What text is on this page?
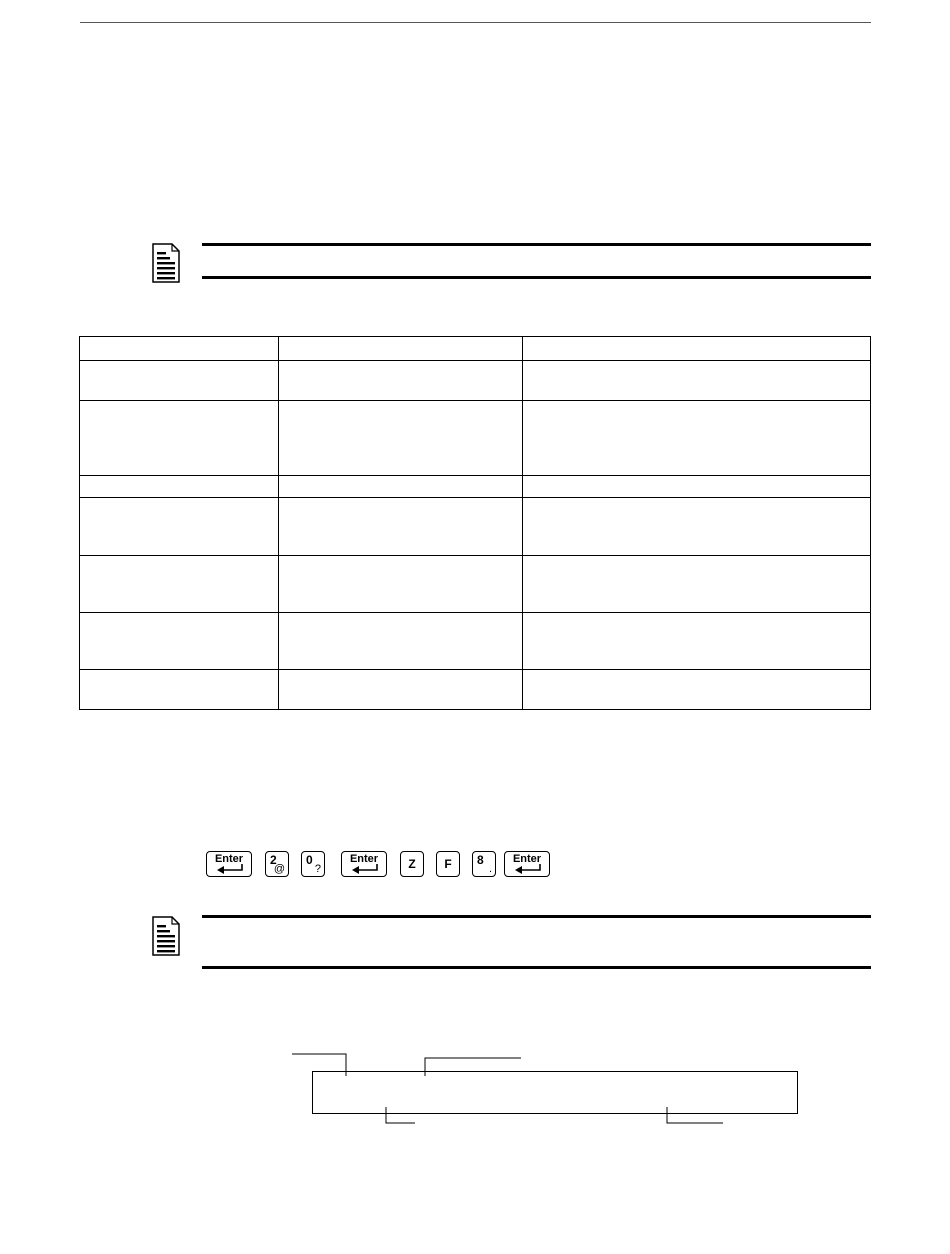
Enter	2
@
0
?
Enter	Z	F	8
.
Enter
